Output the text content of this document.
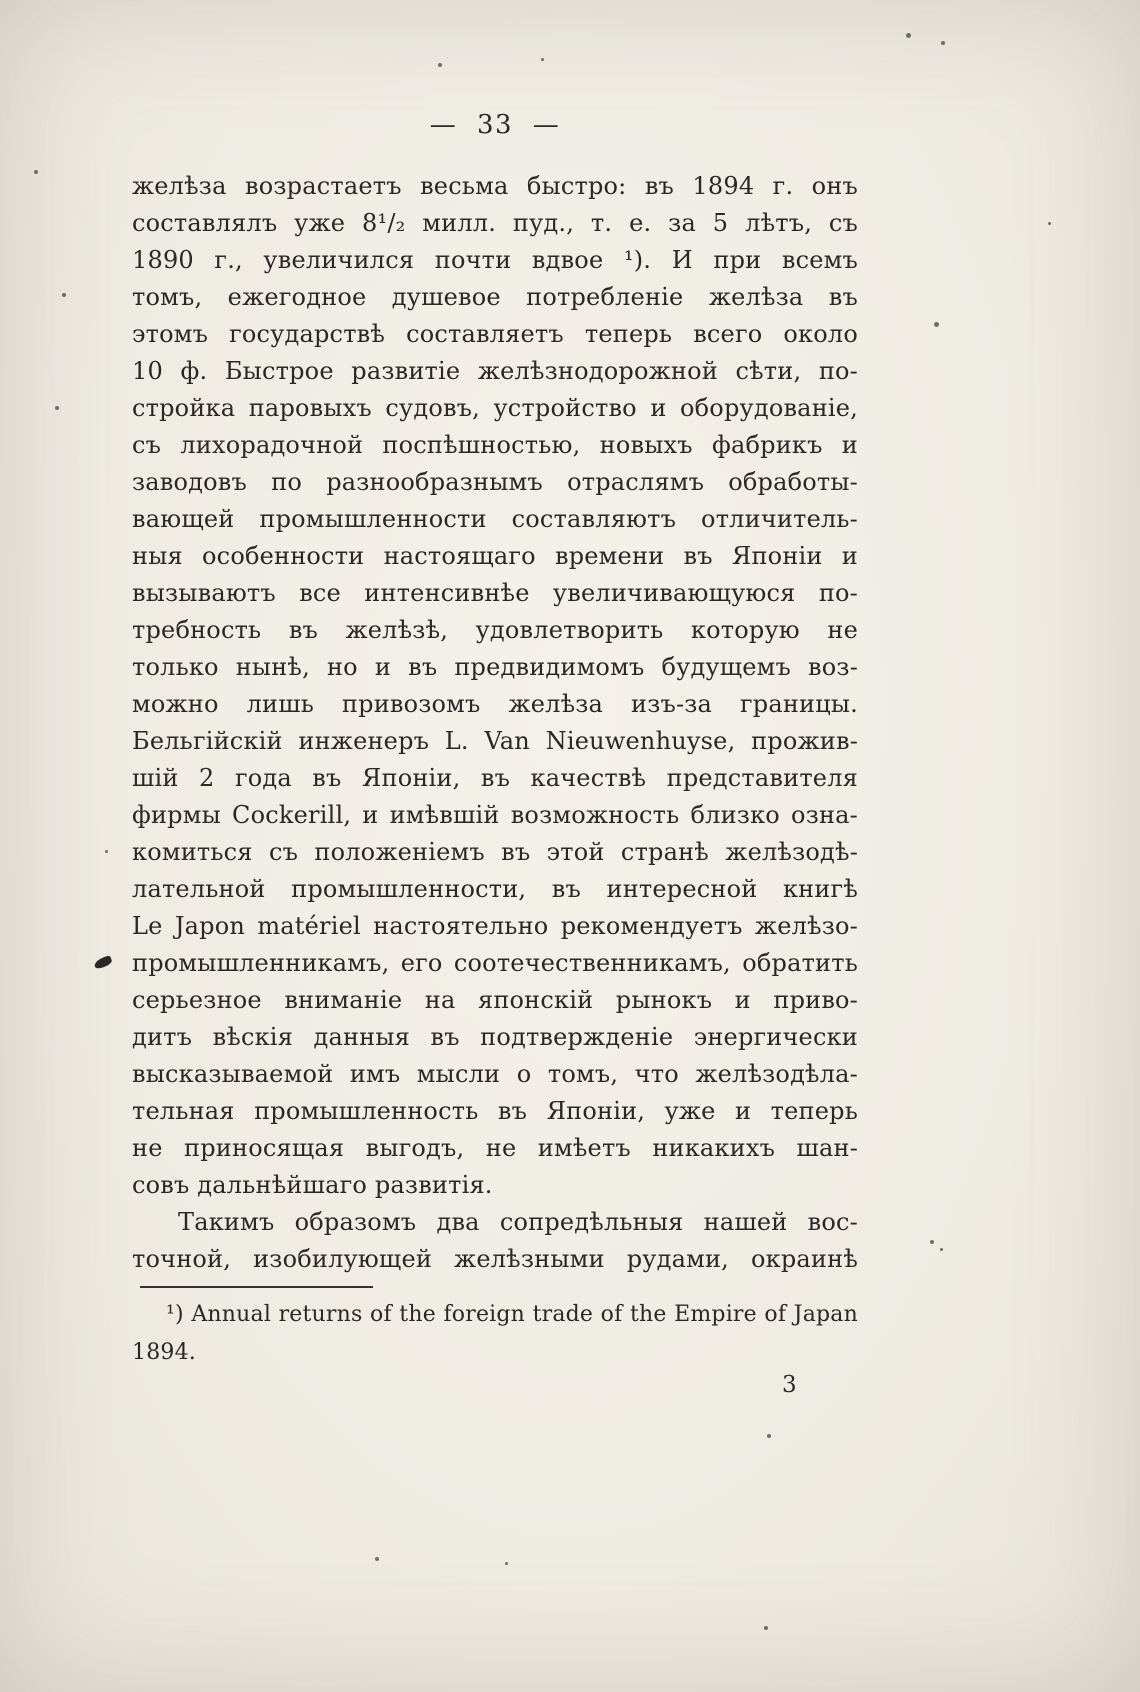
— 33 —
желѣза возрастаетъ весьма быстро: въ 1894 г. онъ
составлялъ уже 8¹/₂ милл. пуд., т. е. за 5 лѣтъ, съ
1890 г., увеличился почти вдвое ¹). И при всемъ
томъ, ежегодное душевое потребленіе желѣза въ
этомъ государствѣ составляетъ теперь всего около
10 ф. Быстрое развитіе желѣзнодорожной сѣти, по-
стройка паровыхъ судовъ, устройство и оборудованіе,
съ лихорадочной поспѣшностью, новыхъ фабрикъ и
заводовъ по разнообразнымъ отраслямъ обработы-
вающей промышленности составляютъ отличитель-
ныя особенности настоящаго времени въ Японіи и
вызываютъ все интенсивнѣе увеличивающуюся по-
требность въ желѣзѣ, удовлетворить которую не
только нынѣ, но и въ предвидимомъ будущемъ воз-
можно лишь привозомъ желѣза изъ-за границы.
Бельгійскій инженеръ L. Van Nieuwenhuyse, прожив-
шій 2 года въ Японіи, въ качествѣ представителя
фирмы Cockerill, и имѣвшій возможность близко озна-
комиться съ положеніемъ въ этой странѣ желѣзодѣ-
лательной промышленности, въ интересной книгѣ
Le Japon matériel настоятельно рекомендуетъ желѣзо-
промышленникамъ, его соотечественникамъ, обратить
серьезное вниманіе на японскій рынокъ и приво-
дитъ вѣскія данныя въ подтвержденіе энергически
высказываемой имъ мысли о томъ, что желѣзодѣла-
тельная промышленность въ Японіи, уже и теперь
не приносящая выгодъ, не имѣетъ никакихъ шан-
совъ дальнѣйшаго развитія.
Такимъ образомъ два сопредѣльныя нашей вос-
точной, изобилующей желѣзными рудами, окраинѣ
¹) Annual returns of the foreign trade of the Empire of Japan
1894.
3
